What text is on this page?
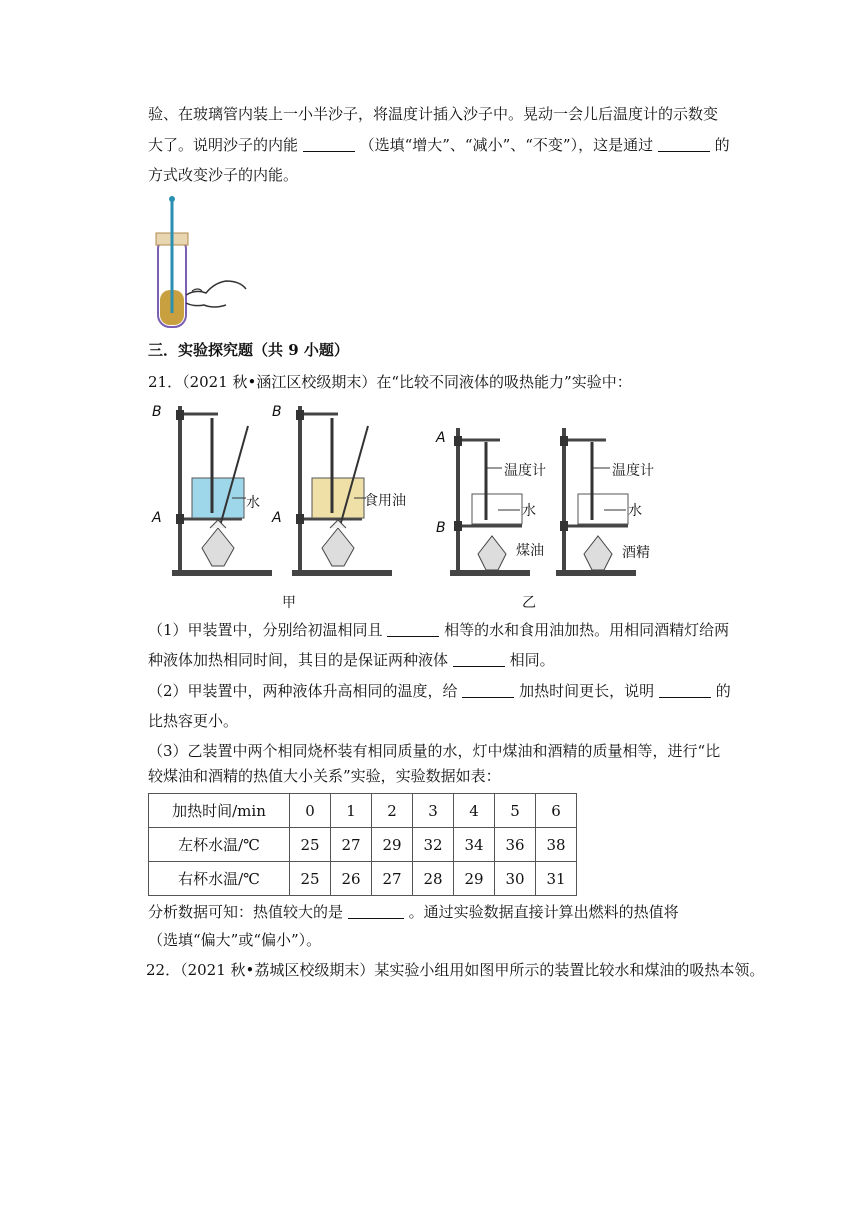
验、在玻璃管内装上一小半沙子，将温度计插入沙子中。晃动一会儿后温度计的示数变
大了。说明沙子的内能	（选填“增大”、“减小”、“不变”），这是通过	的
方式改变沙子的内能。
三．实验探究题（共 9 小题）
21．（2021 秋•涵江区校级期末）在“比较不同液体的吸热能力”实验中：
B
A
水
B
A
食用油
甲
A
B
温度计
水
煤油
温度计
水
酒精
乙
（1）甲装置中，分别给初温相同且	相等的水和食用油加热。用相同酒精灯给两
种液体加热相同时间，其目的是保证两种液体	相同。
（2）甲装置中，两种液体升高相同的温度，给	加热时间更长，说明	的
比热容更小。
（3）乙装置中两个相同烧杯装有相同质量的水，灯中煤油和酒精的质量相等，进行“比
较煤油和酒精的热值大小关系”实验，实验数据如表：
加热时间/min	0	1	2	3	4	5	6
左杯水温/℃	25	27	29	32	34	36	38
右杯水温/℃	25	26	27	28	29	30	31
分析数据可知：热值较大的是	。通过实验数据直接计算出燃料的热值将
（选填“偏大”或“偏小”）。
22．（2021 秋•荔城区校级期末）某实验小组用如图甲所示的装置比较水和煤油的吸热本领。
